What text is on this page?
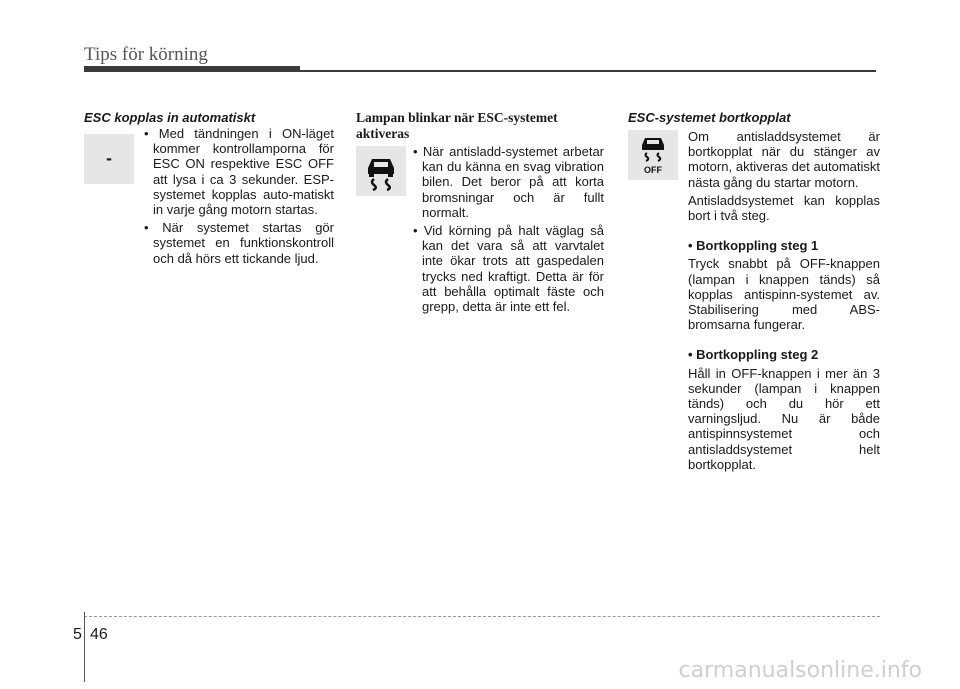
Tips för körning
ESC kopplas in automatiskt
-

• Med tändningen i ON-läget kommer kontrollamporna för ESC ON respektive ESC OFF att lysa i ca 3 sekunder. ESP-systemet kopplas auto-matiskt in varje gång motorn startas.

• När systemet startas gör systemet en funktionskontroll och då hörs ett tickande ljud.

Lampan blinkar när ESC-systemet aktiveras

• När antisladd-systemet arbetar kan du känna en svag vibration bilen. Det beror på att korta bromsningar och är fullt normalt.

• Vid körning på halt väglag så kan det vara så att varvtalet inte ökar trots att gaspedalen trycks ned kraftigt. Detta är för att behålla optimalt fäste och grepp, detta är inte ett fel.

ESC-systemet bortkopplat
OFF

Om antisladdsystemet är bortkopplat när du stänger av motorn, aktiveras det automatiskt nästa gång du startar motorn.

Antisladdsystemet kan kopplas bort i två steg.

• Bortkoppling steg 1

Tryck snabbt på OFF-knappen (lampan i knappen tänds) så kopplas antispinn-systemet av. Stabilisering med ABS-bromsarna fungerar.

• Bortkoppling steg 2

Håll in OFF-knappen i mer än 3 sekunder (lampan i knappen tänds) och du hör ett varningsljud. Nu är både antispinnsystemet och antisladdsystemet helt bortkopplat.

5 46
carmanualsonline.info
